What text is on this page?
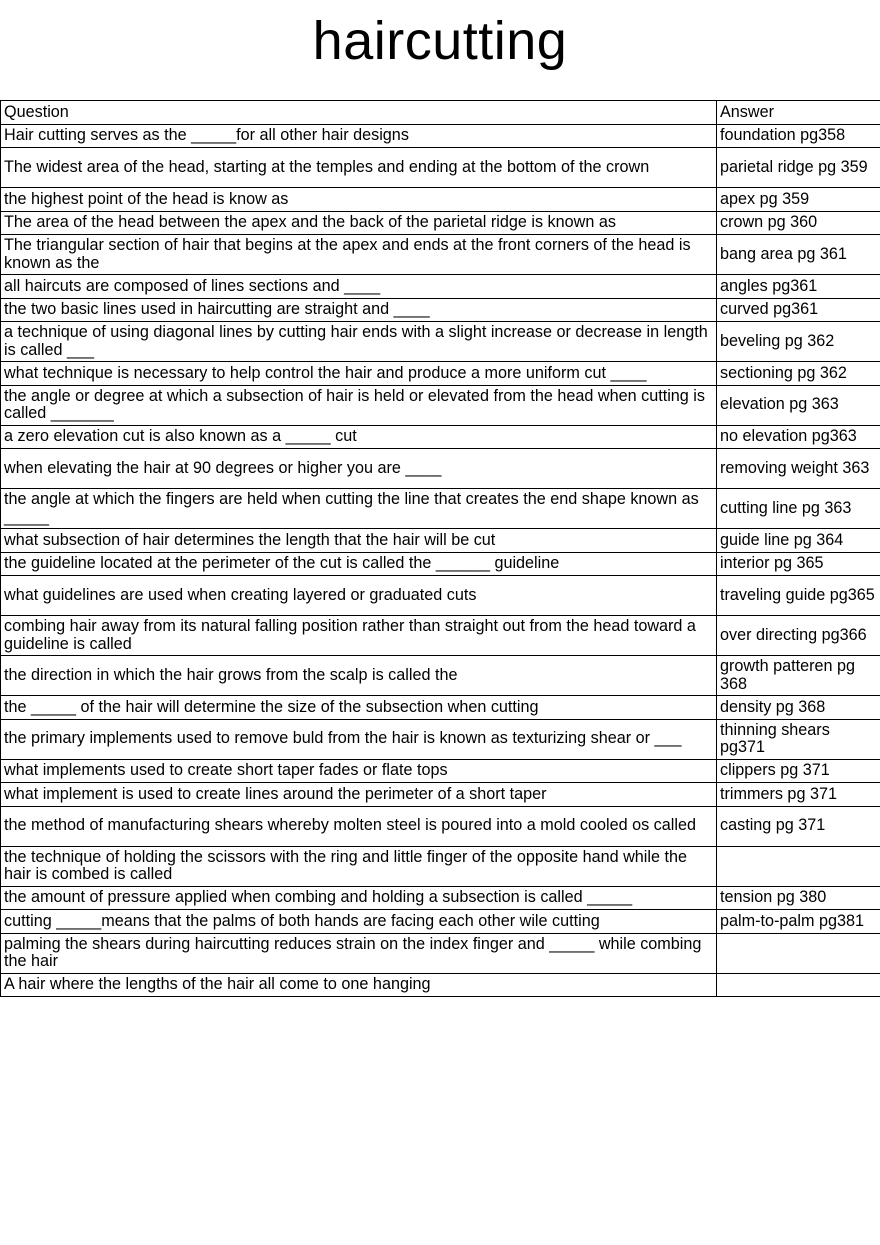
haircutting
Question	Answer
Hair cutting serves as the _____for all other hair designs	foundation pg358
The widest area of the head, starting at the temples and ending at the bottom of the crown	parietal ridge pg 359
the highest point of the head is know as	apex pg 359
The area of the head between the apex and the back of the parietal ridge is known as	crown pg 360
The triangular section of hair that begins at the apex and ends at the front corners of the head is known as the	bang area pg 361
all haircuts are composed of lines sections and ____	angles pg361
the two basic lines used in haircutting are straight and ____	curved pg361
a technique of using diagonal lines by cutting hair ends with a slight increase or decrease in length is called ___	beveling pg 362
what technique is necessary to help control the hair and produce a more uniform cut ____	sectioning pg 362
the angle or degree at which a subsection of hair is held or elevated from the head when cutting is called _______	elevation pg 363
a zero elevation cut is also known as a _____ cut	no elevation pg363
when elevating the hair at 90 degrees or higher you are ____	removing weight 363
the angle at which the fingers are held when cutting the line that creates the end shape known as _____	cutting line pg 363
what subsection of hair determines the length that the hair will be cut	guide line pg 364
the guideline located at the perimeter of the cut is called the ______ guideline	interior pg 365
what guidelines are used when creating layered or graduated cuts	traveling guide pg365
combing hair away from its natural falling position rather than straight out from the head toward a guideline is called	over directing pg366
the direction in which the hair grows from the scalp is called the	growth patteren pg 368
the _____ of the hair will determine the size of the subsection when cutting	density pg 368
the primary implements used to remove buld from the hair is known as texturizing shear or ___	thinning shears pg371
what implements used to create short taper fades or flate tops	clippers pg 371
what implement is used to create lines around the perimeter of a short taper	trimmers pg 371
the method of manufacturing shears whereby molten steel is poured into a mold cooled os called	casting pg 371
the technique of holding the scissors with the ring and little finger of the opposite hand while the hair is combed is called	
the amount of pressure applied when combing and holding a subsection is called _____	tension pg 380
cutting _____means that the palms of both hands are facing each other wile cutting	palm-to-palm pg381
palming the shears during haircutting reduces strain on the index finger and _____ while combing the hair	
A hair where the lengths of the hair all come to one hanging	
